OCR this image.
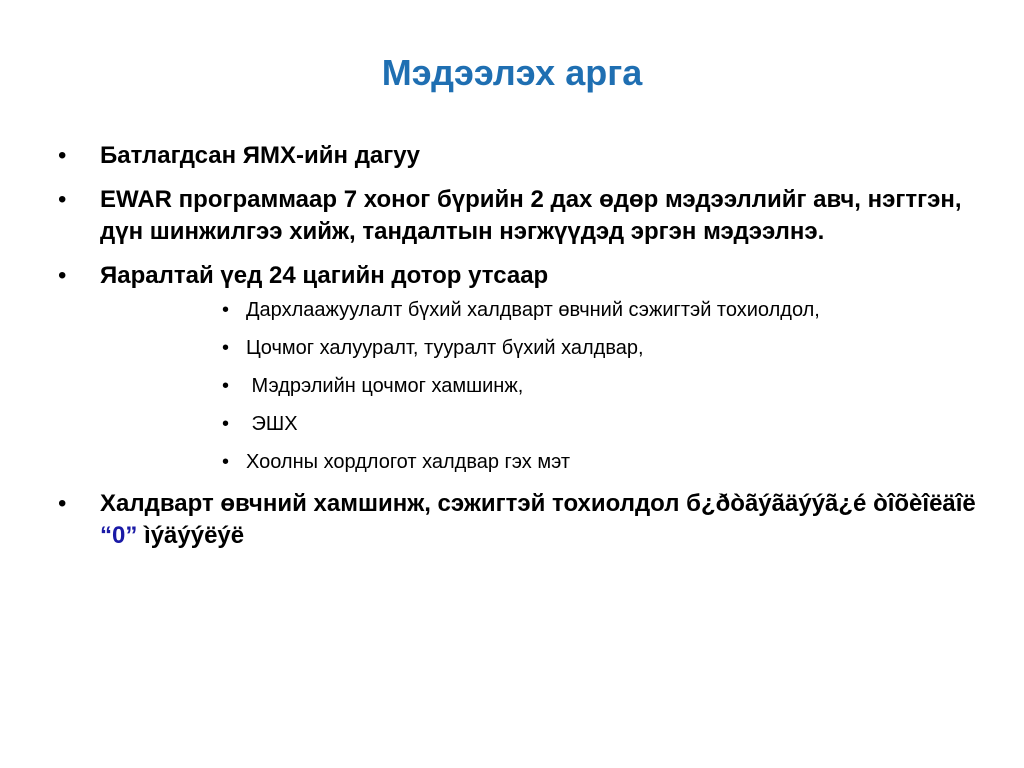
Мэдээлэх арга
• Батлагдсан ЯМХ-ийн дагуу
• EWAR программаар 7 хоног бүрийн 2 дах өдөр мэдээллийг авч, нэгтгэн, дүн шинжилгээ хийж, тандалтын нэгжүүдэд эргэн мэдээлнэ.
• Яаралтай үед 24 цагийн дотор утсаар
• Дархлаажуулалт бүхий халдварт өвчний сэжигтэй тохиолдол,
• Цочмог халууралт, тууралт бүхий халдвар,
• Мэдрэлийн цочмог хамшинж,
• ЭШХ
• Хоолны хордлогот халдвар гэх мэт
• Халдварт өвчний хамшинж, сэжигтэй тохиолдол б¿ðòãýãäýýã¿é òîõèîëäîë “0” ìýäýýëýë
